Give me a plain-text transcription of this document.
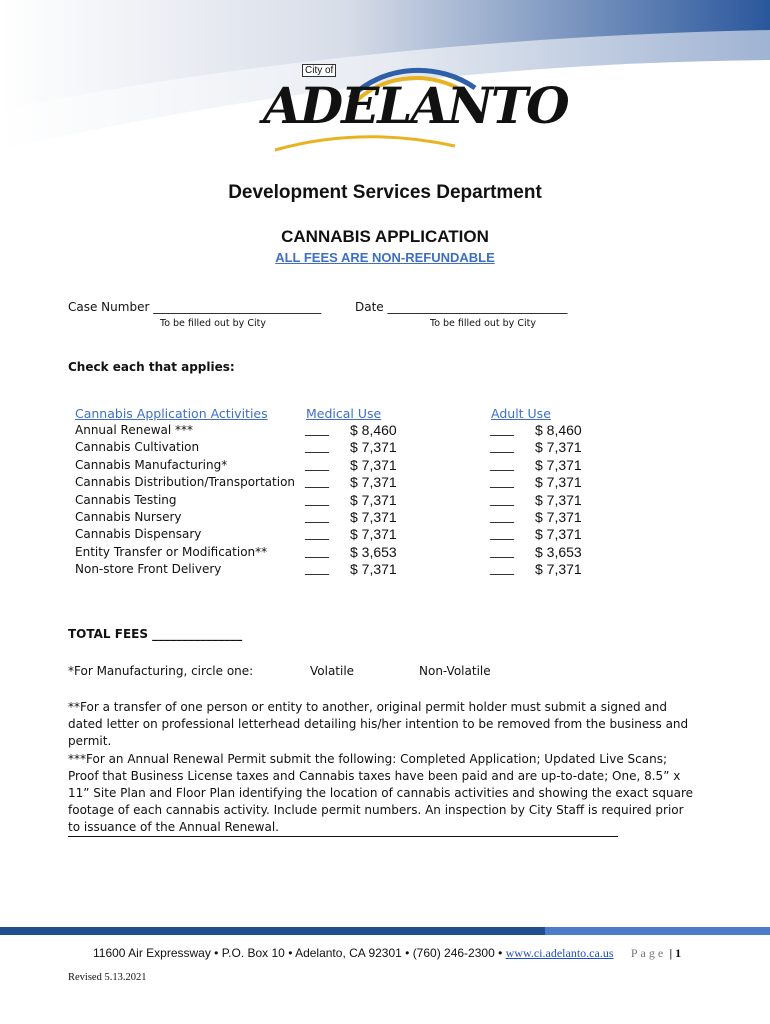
City of
ADELANTO
Development Services Department
CANNABIS APPLICATION
ALL FEES ARE NON-REFUNDABLE
Case Number ____________________________
To be filled out by City
Date ______________________________
To be filled out by City
Check each that applies:
Cannabis Application Activities	Medical Use	Adult Use
Annual Renewal ***	____ $ 8,460	____ $ 8,460
Cannabis Cultivation	____ $ 7,371	____ $ 7,371
Cannabis Manufacturing*	____ $ 7,371	____ $ 7,371
Cannabis Distribution/Transportation ____ $ 7,371	____ $ 7,371
Cannabis Testing	____ $ 7,371	____ $ 7,371
Cannabis Nursery	____ $ 7,371	____ $ 7,371
Cannabis Dispensary	____ $ 7,371	____ $ 7,371
Entity Transfer or Modification**	____ $ 3,653	____ $ 3,653
Non-store Front Delivery	____ $ 7,371	____ $ 7,371
TOTAL FEES _______________
*For Manufacturing, circle one:	Volatile	Non-Volatile

**For a transfer of one person or entity to another, original permit holder must submit a signed and dated letter on professional letterhead detailing his/her intention to be removed from the business and permit.

***For an Annual Renewal Permit submit the following: Completed Application; Updated Live Scans; Proof that Business License taxes and Cannabis taxes have been paid and are up-to-date; One, 8.5” x 11” Site Plan and Floor Plan identifying the location of cannabis activities and showing the exact square footage of each cannabis activity. Include permit numbers. An inspection by City Staff is required prior to issuance of the Annual Renewal.

11600 Air Expressway • P.O. Box 10 • Adelanto, CA 92301 • (760) 246-2300 • www.ci.adelanto.ca.us Page | 1
Revised 5.13.2021
